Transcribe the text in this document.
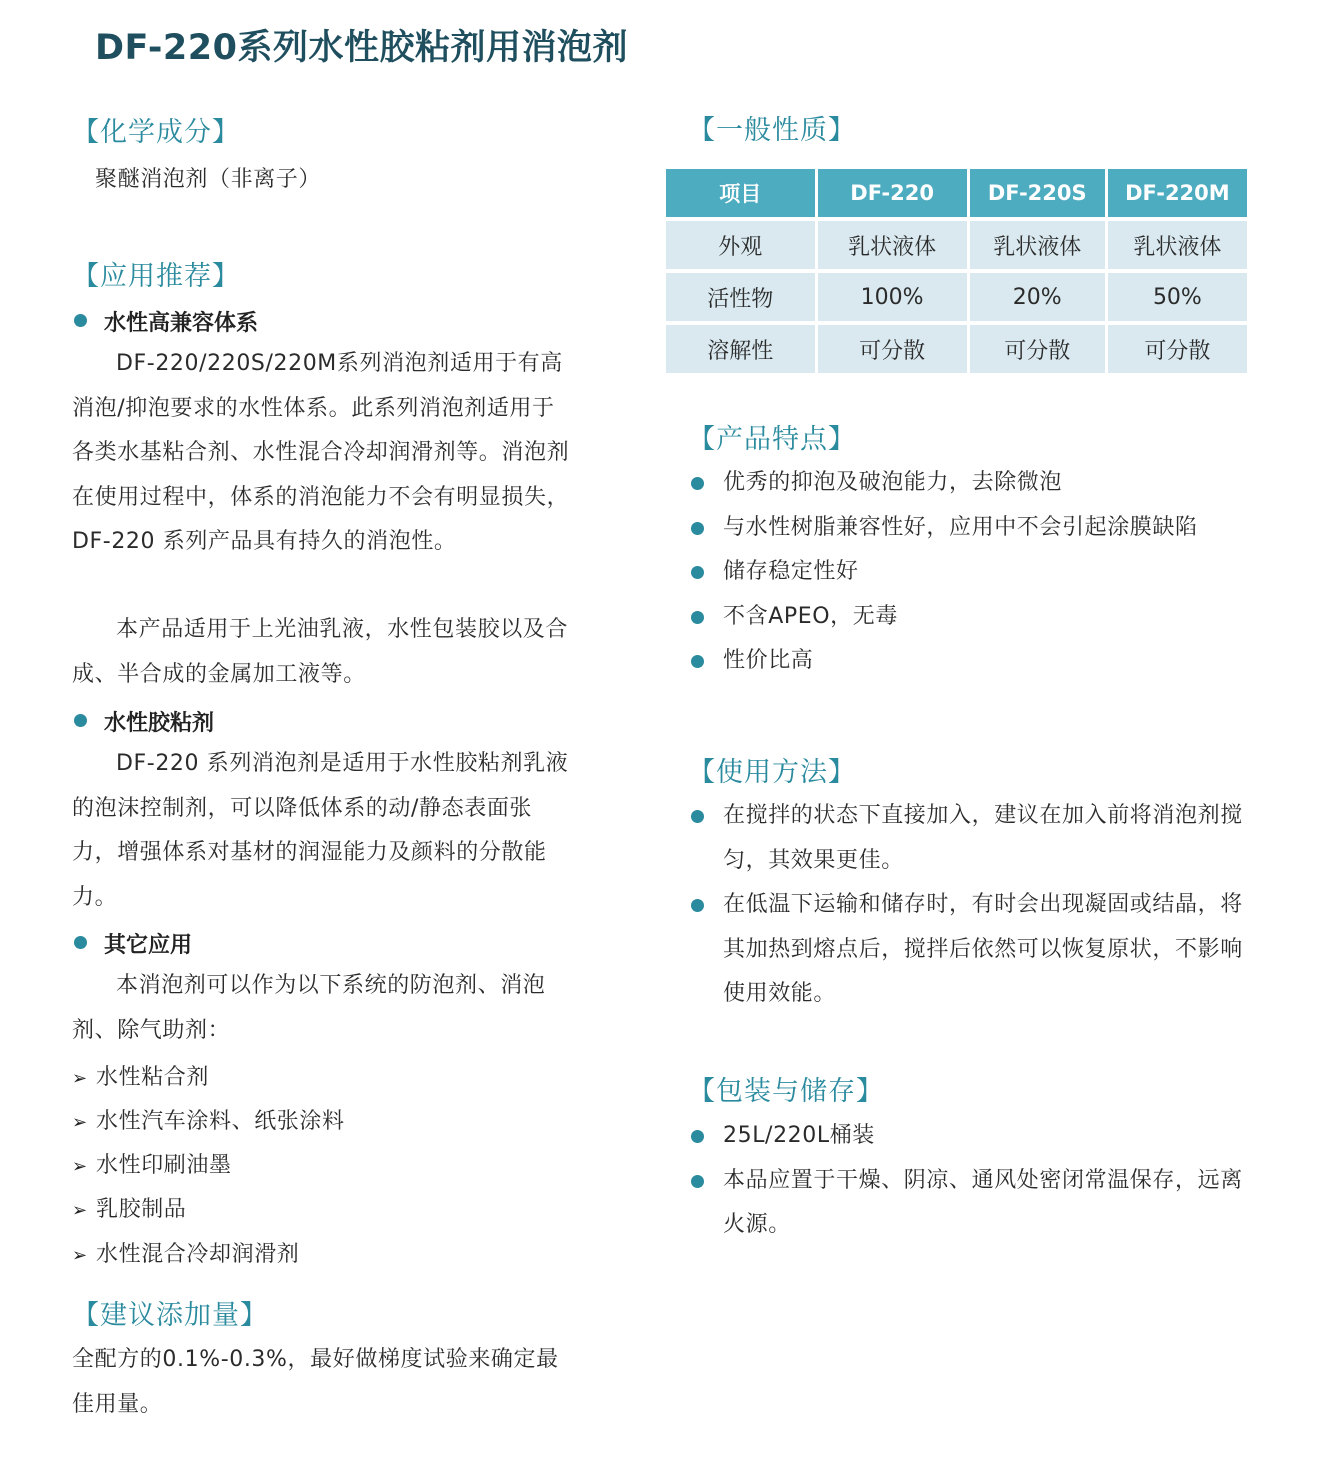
DF-220系列水性胶粘剂用消泡剂
【化学成分】

聚醚消泡剂（非离子）

【应用推荐】
水性高兼容体系

DF-220/220S/220M系列消泡剂适用于有高消泡/抑泡要求的水性体系。此系列消泡剂适用于各类水基粘合剂、水性混合冷却润滑剂等。消泡剂在使用过程中，体系的消泡能力不会有明显损失，DF-220 系列产品具有持久的消泡性。

本产品适用于上光油乳液，水性包装胶以及合成、半合成的金属加工液等。

水性胶粘剂

DF-220 系列消泡剂是适用于水性胶粘剂乳液的泡沫控制剂，可以降低体系的动/静态表面张力，增强体系对基材的润湿能力及颜料的分散能力。

其它应用

本消泡剂可以作为以下系统的防泡剂、消泡剂、除气助剂：

➢ 水性粘合剂
➢ 水性汽车涂料、纸张涂料
➢ 水性印刷油墨
➢ 乳胶制品
➢ 水性混合冷却润滑剂
【建议添加量】

全配方的0.1%-0.3%，最好做梯度试验来确定最佳用量。

【一般性质】
项目	DF-220	DF-220S	DF-220M
外观	乳状液体	乳状液体	乳状液体
活性物	100%	20%	50%
溶解性	可分散	可分散	可分散
【产品特点】
优秀的抑泡及破泡能力，去除微泡
与水性树脂兼容性好，应用中不会引起涂膜缺陷
储存稳定性好
不含APEO，无毒
性价比高
【使用方法】
在搅拌的状态下直接加入，建议在加入前将消泡剂搅匀，其效果更佳。
在低温下运输和储存时，有时会出现凝固或结晶，将其加热到熔点后，搅拌后依然可以恢复原状，不影响使用效能。
【包装与储存】
25L/220L桶装
本品应置于干燥、阴凉、通风处密闭常温保存，远离火源。
